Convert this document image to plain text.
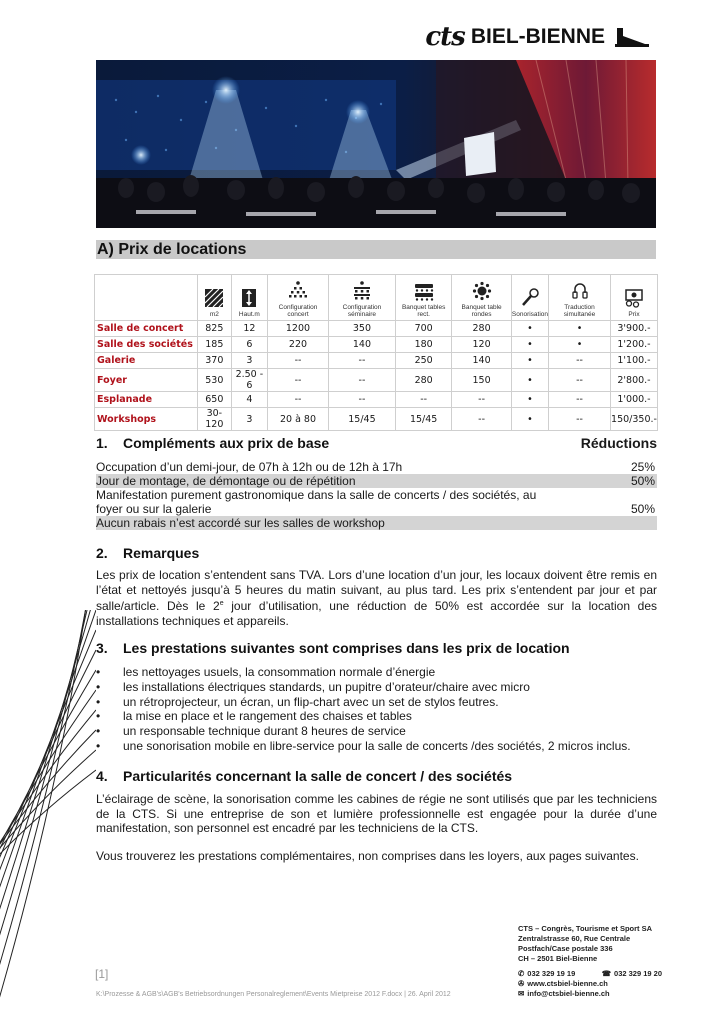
cts BIEL-BIENNE
A) Prix de locations

m2	Haut.m	Configuration concert	Configuration séminaire	Banquet tables rect.	Banquet table rondes	Sonorisation	Traduction simultanée	Prix
Salle de concert	825	12	1200	350	700	280	•	•	3'900.-
Salle des sociétés	185	6	220	140	180	120	•	•	1'200.-
Galerie	370	3	--	--	250	140	•	--	1'100.-
Foyer	530	2.50 - 6	--	--	280	150	•	--	2'800.-
Esplanade	650	4	--	--	--	--	•	--	1'000.-
Workshops	30-120	3	20 à 80	15/45	15/45	--	•	--	150/350.-
1. Compléments aux prix de base	Réductions
Occupation d’un demi-jour, de 07h à 12h ou de 12h à 17h	25%
Jour de montage, de démontage ou de répétition	50%
Manifestation purement gastronomique dans la salle de concerts / des sociétés, au foyer ou sur la galerie	50%
Aucun rabais n’est accordé sur les salles de workshop
2. Remarques

Les prix de location s’entendent sans TVA. Lors d’une location d’un jour, les locaux doivent être remis en l’état et nettoyés jusqu’à 5 heures du matin suivant, au plus tard. Les prix s’entendent par jour et par salle/article. Dès le 2e jour d’utilisation, une réduction de 50% est accordée sur la location des installations techniques et appareils.

3. Les prestations suivantes sont comprises dans les prix de location
• les nettoyages usuels, la consommation normale d’énergie
• les installations électriques standards, un pupitre d’orateur/chaire avec micro
• un rétroprojecteur, un écran, un flip-chart avec un set de stylos feutres.
• la mise en place et le rangement des chaises et tables
• un responsable technique durant 8 heures de service
• une sonorisation mobile en libre-service pour la salle de concerts /des sociétés, 2 micros inclus.
4. Particularités concernant la salle de concert / des sociétés

L’éclairage de scène, la sonorisation comme les cabines de régie ne sont utilisés que par les techniciens de la CTS. Si une entreprise de son et lumière professionnelle est engagée pour la durée d’une manifestation, son personnel est encadré par les techniciens de la CTS.

Vous trouverez les prestations complémentaires, non comprises dans les loyers, aux pages suivantes.

CTS – Congrès, Tourisme et Sport SA
Zentralstrasse 60, Rue Centrale
Postfach/Case postale 336
CH – 2501 Biel-Bienne
✆ 032 329 19 19	☎ 032 329 19 20
✇ www.ctsbiel-bienne.ch
✉ info@ctsbiel-bienne.ch
[1]
K:\Prozesse & AGB's\AGB's Betriebsordnungen Personalreglement\Events Mietpreise 2012 F.docx | 26. April 2012
